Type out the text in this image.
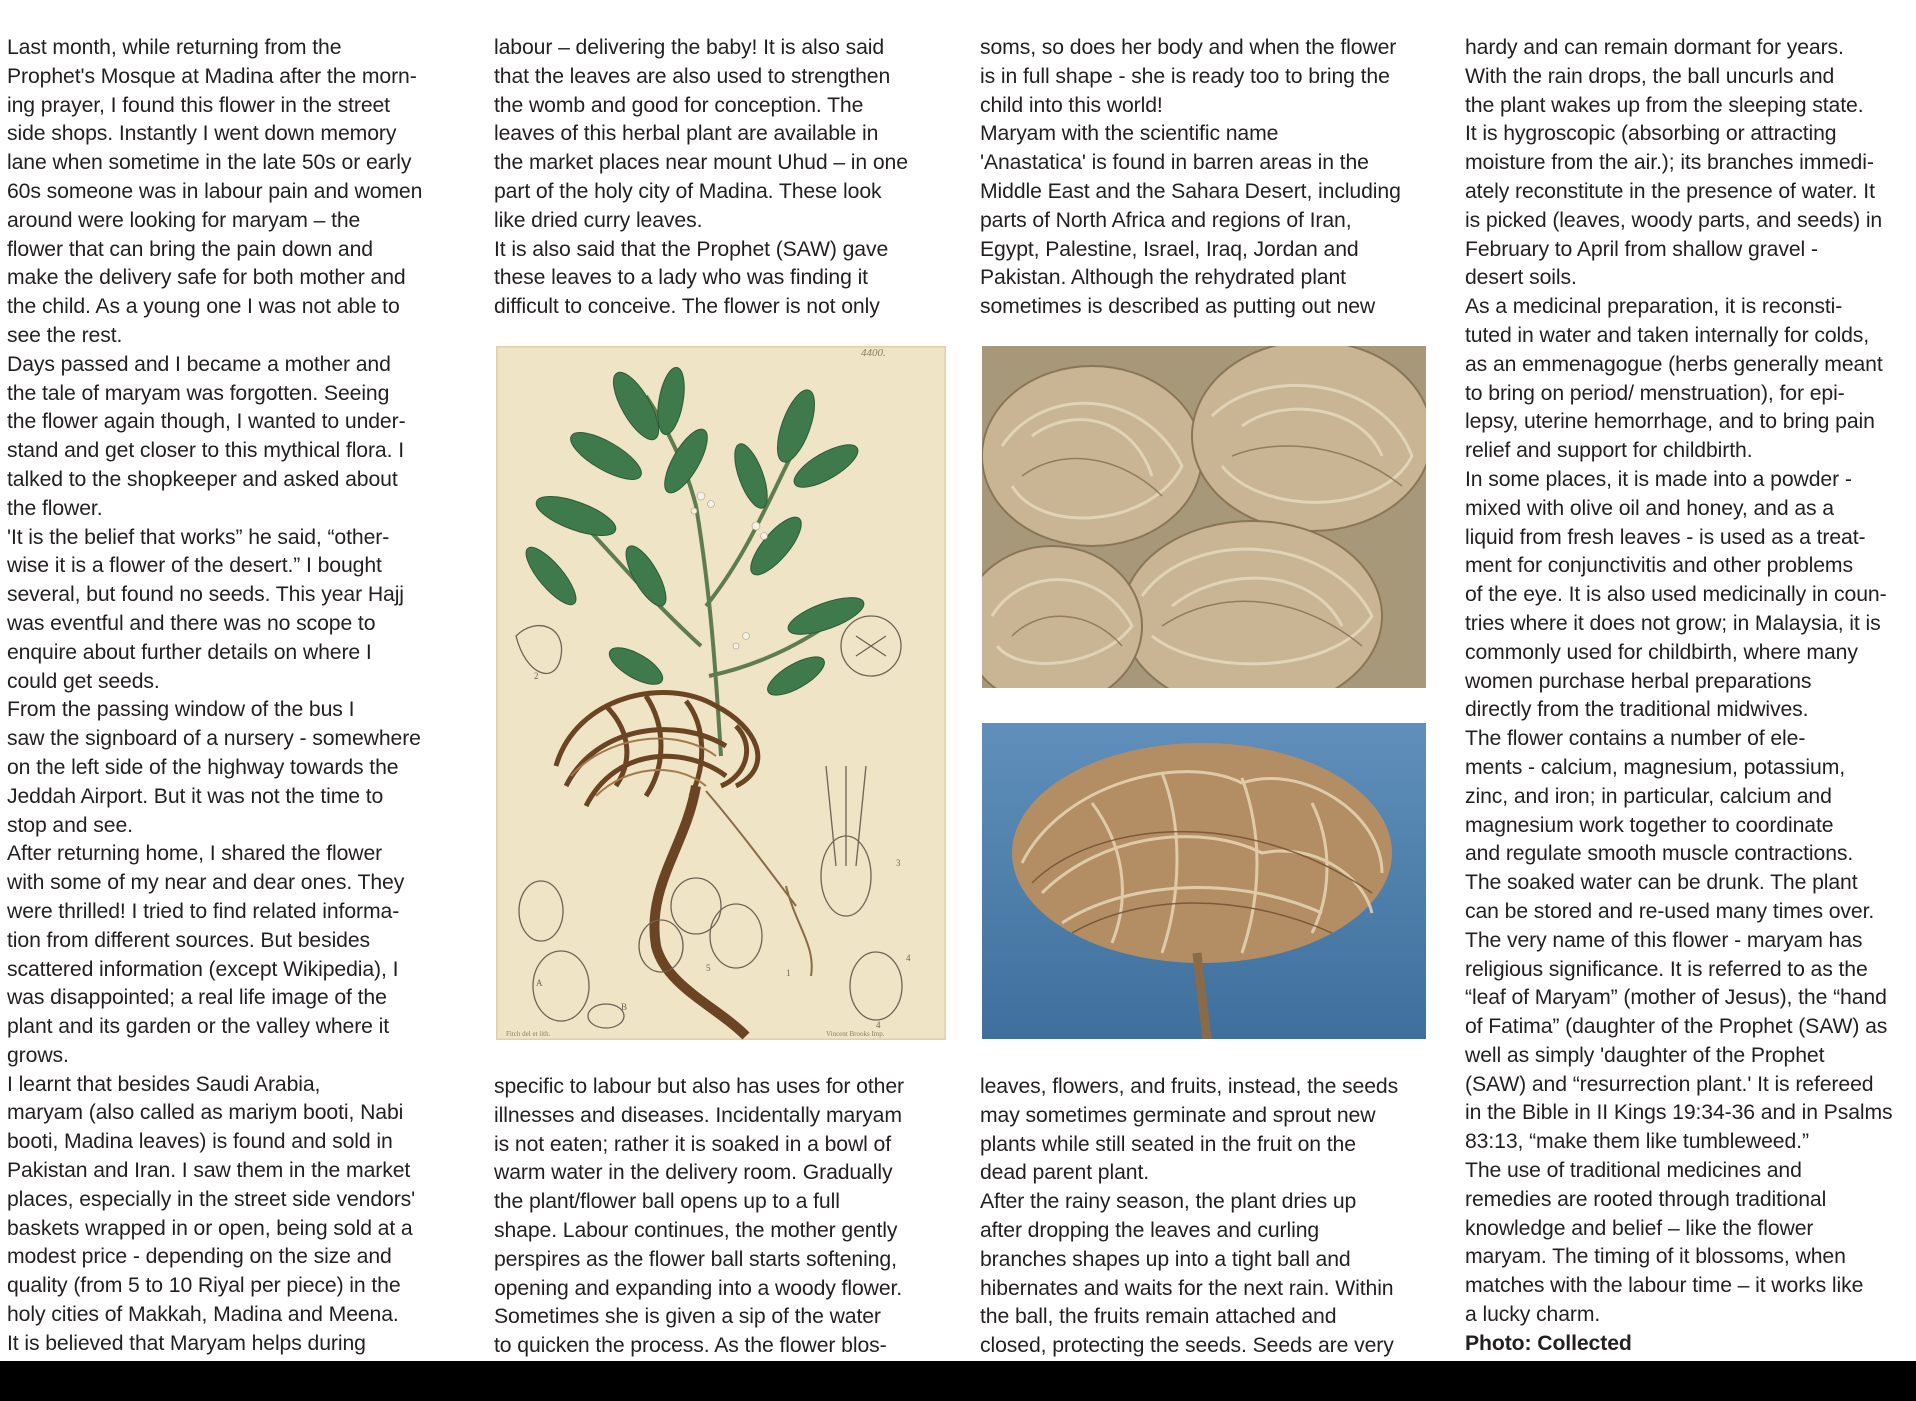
Last month, while returning from the

Prophet's Mosque at Madina after the morn-

ing prayer, I found this flower in the street

side shops. Instantly I went down memory

lane when sometime in the late 50s or early

60s someone was in labour pain and women

around were looking for maryam – the

flower that can bring the pain down and

make the delivery safe for both mother and

the child. As a young one I was not able to

see the rest.

Days passed and I became a mother and

the tale of maryam was forgotten. Seeing

the flower again though, I wanted to under-

stand and get closer to this mythical flora. I

talked to the shopkeeper and asked about

the flower.

'It is the belief that works” he said, “other-

wise it is a flower of the desert.” I bought

several, but found no seeds. This year Hajj

was eventful and there was no scope to

enquire about further details on where I

could get seeds.

From the passing window of the bus I

saw the signboard of a nursery - somewhere

on the left side of the highway towards the

Jeddah Airport. But it was not the time to

stop and see.

After returning home, I shared the flower

with some of my near and dear ones. They

were thrilled! I tried to find related informa-

tion from different sources. But besides

scattered information (except Wikipedia), I

was disappointed; a real life image of the

plant and its garden or the valley where it

grows.

I learnt that besides Saudi Arabia,

maryam (also called as mariym booti, Nabi

booti, Madina leaves) is found and sold in

Pakistan and Iran. I saw them in the market

places, especially in the street side vendors'

baskets wrapped in or open, being sold at a

modest price - depending on the size and

quality (from 5 to 10 Riyal per piece) in the

holy cities of Makkah, Madina and Meena.

It is believed that Maryam helps during

labour – delivering the baby! It is also said

that the leaves are also used to strengthen

the womb and good for conception. The

leaves of this herbal plant are available in

the market places near mount Uhud – in one

part of the holy city of Madina. These look

like dried curry leaves.

It is also said that the Prophet (SAW) gave

these leaves to a lady who was finding it

difficult to conceive. The flower is not only

specific to labour but also has uses for other

illnesses and diseases. Incidentally maryam

is not eaten; rather it is soaked in a bowl of

warm water in the delivery room. Gradually

the plant/flower ball opens up to a full

shape. Labour continues, the mother gently

perspires as the flower ball starts softening,

opening and expanding into a woody flower.

Sometimes she is given a sip of the water

to quicken the process. As the flower blos-

soms, so does her body and when the flower

is in full shape - she is ready too to bring the

child into this world!

Maryam with the scientific name

'Anastatica' is found in barren areas in the

Middle East and the Sahara Desert, including

parts of North Africa and regions of Iran,

Egypt, Palestine, Israel, Iraq, Jordan and

Pakistan. Although the rehydrated plant

sometimes is described as putting out new

leaves, flowers, and fruits, instead, the seeds

may sometimes germinate and sprout new

plants while still seated in the fruit on the

dead parent plant.

After the rainy season, the plant dries up

after dropping the leaves and curling

branches shapes up into a tight ball and

hibernates and waits for the next rain. Within

the ball, the fruits remain attached and

closed, protecting the seeds. Seeds are very

hardy and can remain dormant for years.

With the rain drops, the ball uncurls and

the plant wakes up from the sleeping state.

It is hygroscopic (absorbing or attracting

moisture from the air.); its branches immedi-

ately reconstitute in the presence of water. It

is picked (leaves, woody parts, and seeds) in

February to April from shallow gravel -

desert soils.

As a medicinal preparation, it is reconsti-

tuted in water and taken internally for colds,

as an emmenagogue (herbs generally meant

to bring on period/ menstruation), for epi-

lepsy, uterine hemorrhage, and to bring pain

relief and support for childbirth.

In some places, it is made into a powder -

mixed with olive oil and honey, and as a

liquid from fresh leaves - is used as a treat-

ment for conjunctivitis and other problems

of the eye. It is also used medicinally in coun-

tries where it does not grow; in Malaysia, it is

commonly used for childbirth, where many

women purchase herbal preparations

directly from the traditional midwives.

The flower contains a number of ele-

ments - calcium, magnesium, potassium,

zinc, and iron; in particular, calcium and

magnesium work together to coordinate

and regulate smooth muscle contractions.

The soaked water can be drunk. The plant

can be stored and re-used many times over.

The very name of this flower - maryam has

religious significance. It is referred to as the

“leaf of Maryam” (mother of Jesus), the “hand

of Fatima” (daughter of the Prophet (SAW) as

well as simply 'daughter of the Prophet

(SAW) and “resurrection plant.' It is refereed

in the Bible in II Kings 19:34-36 and in Psalms

83:13, “make them like tumbleweed.”

The use of traditional medicines and

remedies are rooted through traditional

knowledge and belief – like the flower

maryam. The timing of it blossoms, when

matches with the labour time – it works like

a lucky charm.

Photo: Collected

4400.
Fitch del et lith.	Vincent Brooks Imp.
2
3
4
4
5
A
B
1
